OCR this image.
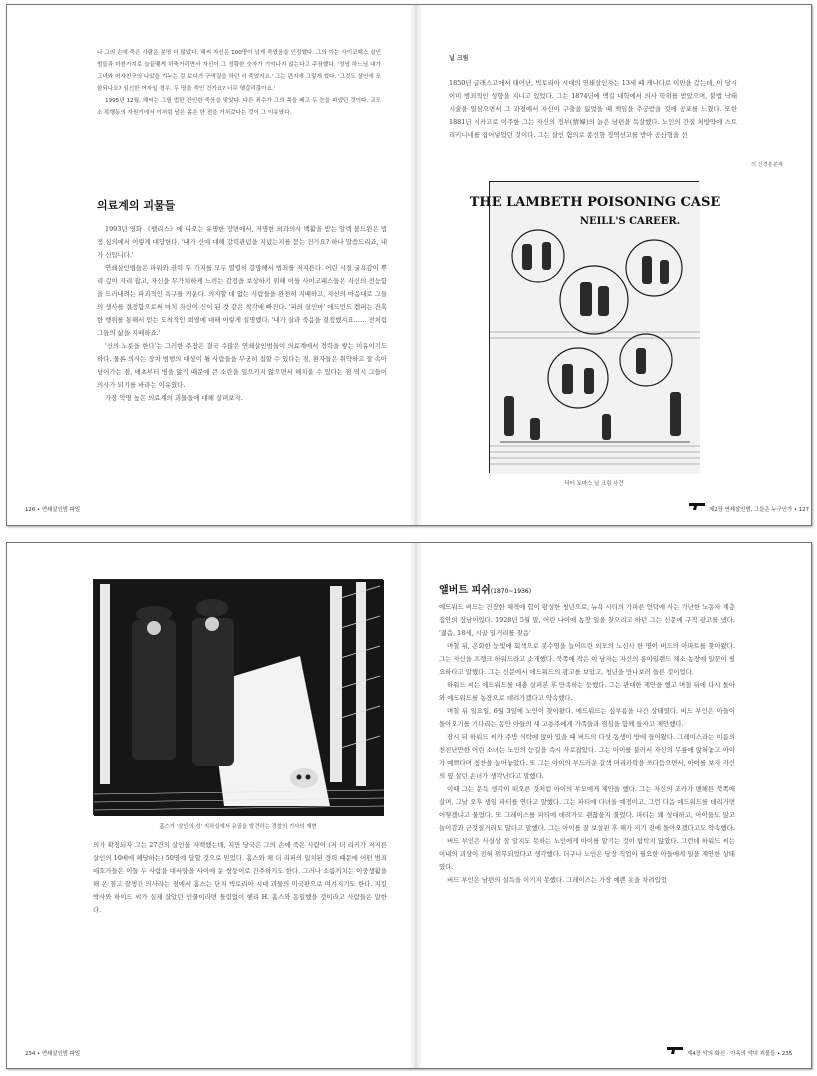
나 그의 손에 죽은 사람은 분명 더 많았다. 해씨 자신은 100명이 넘게 죽였음을 인정했다. 그의 이는 사이코패스 살인범들과 마찬가지로 늘끝맺게 허축거리면서 자신이 그 정확한 숫자가 기억나지 않는다고 주장했다. '정녕 하느님 내가 그녀와 여자친구의 나았을 겨누는 걸 보다가 구역질을 하던 서 죽였지요.' 그는 편지에 그렇게 썼다. '그것도 살인에 포함되나요? 임신한 여자일 경우, 두 명을 죽인 건가요? 너무 헷갈리잖아요.'

1995년 12월, 해씨는 그릴 법한 잔인한 죽음을 맞았다. 다른 죄수가 그의 목을 베고 두 눈을 파냈던 것이다. 교도소 폭행동의 자원기에서 이처럼 남은 몸은 한 전을 거처갔다는 것이 그 이유였다.

의료계의 괴물들

1993년 영화 《펠리스》에 나오는 유명한 장면에서, 저명한 외과의사 백활을 받는 알렉 볼드윈은 법정 심의에서 이렇게 대답한다. '내가 신에 대해 강력관념을 지녔는지를 묻는 건가요? 하나 말씀드리죠, 내가 신입니다.'

연쇄살인범들은 파워와 권력 두 가지를 모두 열렬히 갈망해서 범죄를 저지른다. 어린 시절 굴욕감이 뿌리 깊이 자리 잡고, 자신을 무가치하게 느끼는 감정을 보상하기 위해 이들 사이코패스들은 자신의 전능함을 드러내려는 파괴적인 욕구를 키운다. 의지할 데 없는 사람들을 완전히 지배하고, 자신의 마음대로 그들의 생사를 결정함으로써 마치 자신이 신이 된 것 같은 착각에 빠진다. '피의 살인마' 에드먼드 켐퍼는 잔혹한 행위를 통해서 얻는 도착적인 희열에 대해 이렇게 설명했다. '내가 살과 죽음을 결정했지요…… 전처럼 그들의 삶을 지배하죠.'

'신의 노릇을 한다'는 그러한 주장은 결국 수많은 연쇄살인범들이 의료계에서 경력을 쌓는 이유이기도 하다. 물론 의사는 장차 범행의 대상이 될 사람들을 무궁히 접할 수 있다는 점, 환자들은 취약하고 잘 속아넘어가는 점, 애초부터 병을 앓기 때문에 큰 소란을 일으키지 않으면서 해치울 수 있다는 점 역시 그들이 의사가 되기를 바라는 이유였다.

가장 악명 높은 의료계의 괴물들에 대해 살펴보자.

126 • 연쇄살인범 파일
닐 크림

1850년 글래스고에서 태어난, 빅토리아 시대의 연쇄살인자는 13세 때 캐나다로 이민을 갔는데, 이 당시 이미 범죄적인 성향을 지니고 있었다. 그는 1874년에 맥길 대학에서 의사 학위를 받았으며, 불법 낙태 시술을 일삼으면서 그 과정에서 자신이 구출을 잃었을 때 책임을 추궁받을 것에 공포를 느꼈다. 또한 1881년 시카고로 이주한 그는 자신의 정부(情婦)의 늙은 남편을 독살했다. 노인의 간질 처방약에 스트리키니네를 집어넣었던 것이다. 그는 살인 혐의로 종신형 징역선고를 받아 공산형을 선

의 신경흥분제
THE LAMBETH POISONING CASE
NEILL'S CAREER.
닥터 토마스 닐 크림 사건
제2장 연쇄살인범, 그들은 누구인가 • 127
홈스가 '살인의 성' 지하실에서 유골을 발견하는 경찰의 기사의 재현

의가 확정되자 그는 27건의 살인을 자백했는데, 지만 당국은 그의 손에 죽은 사람이 (저 더 리키가 저지른 살인의 10배에 해당하는) 50명에 달할 것으로 믿었다. 홈스와 채 더 리퍼의 일치된 경력 때문에 어떤 범죄 애호가들은 이들 두 사람을 대서양을 사이에 둔 쌍둥이로 간주하기도 한다. 그러나 소름끼치는 이중생활을 해 온 점고 잘생긴 의사라는 점에서 홈스는 단지 빅토리아 시대 괴물의 미국판으로 여겨지기도 한다. 지킬 박사와 하이드 씨가 실제 살았던 인물이라면 틀림없이 헨리 H. 홈스와 동일했을 것이라고 사람들은 말한다.

234 • 연쇄살인범 파일
앨버트 피쉬(1870~1936)

에드워드 버드는 건장한 체격에 힘이 왕성한 청년으로, 뉴욕 시티의 가파른 언덕에 사는 가난한 노동자 계층 집안의 장남이었다. 1928년 5월 말, 어린 나이에 농장 일을 찾으려고 하던 그는 신문에 구직 광고를 냈다. '젊음, 18세, 시골 일거리를 찾음'

며칠 뒤, 온화한 눈빛에 회색으로 콧수염을 늘어뜨린 외모의 노신사 한 명이 버드의 아파트를 찾아왔다. 그는 자신을 프랭크 하워드라고 소개했다. 북쪽에 작은 이 남자는 자신의 롱아일랜드 채소 농장에 일꾼이 필요하다고 말했다. 그는 신문에서 에드워드의 광고를 보았고, 청년을 만나보러 들른 것이었다.

하워드 씨는 에드워드를 대충 살펴본 후 만족하는 듯했다. 그는 관대한 제안을 했고 며칠 뒤에 다시 돌아와 에드워드를 농장으로 데려가겠다고 약속했다.

며칠 뒤 일요일, 6월 3일에 노인이 찾아왔다. 에드워드는 심부름을 나간 상태였다. 버드 부인은 아들이 돌아오기를 기다리는 동안 아들의 새 고용주에게 가족들과 점심을 함께 들자고 제안했다.

잠시 뒤 하워드 씨가 주방 식탁에 앉아 있을 때 버드의 다섯 동생이 방에 들어왔다. 그레이스라는 이름의 천진난만한 어린 소녀는 노인의 눈길을 즉시 사로잡았다. 그는 아이를 불러서 자신의 무릎에 앉혀놓고 아이가 예쁘다며 칭찬을 늘어놓았다. 또 그는 아이의 부드러운 갈색 머리카락을 쓰다듬으면서, 아이를 보자 자신의 옆 살던 손녀가 생각난다고 말했다.

이때 그는 문득 생각이 떠오른 것처럼 아이의 부모에게 제안을 했다. 그는 자신의 조카가 맨해튼 북쪽에 살며, 그날 오후 생일 파티를 연다고 말했다. 그는 파티에 다녀올 예정이고, 그런 다음 에드워드를 데리가면 어떻겠냐고 물었다. 또 그레이스를 파티에 데려가도 괜찮을지 물었다. 파티는 꽤 성대하고, 아이들도 많고 놀이감과 군것질거리도 많다고 말했다. 그는 아이를 잘 보살핀 후 해가 지기 전에 돌아오겠다고도 약속했다.

버드 부인은 사실상 잘 알지도 못하는 노인에게 아이를 맡기는 것이 탐탁지 않았다. 그런데 하워드 씨는 이내의 괴상이 전혀 위무되었다고 생각했다. 더구나 노인은 당장 직업이 필요한 아들에게 일을 제안한 상태였다.

버드 부인은 남편의 설득을 이기지 못했다. 그레이스는 가장 예쁜 옷을 차려입었

제4장 악의 화신 · 아옥의 악녀 괴물들 • 235
